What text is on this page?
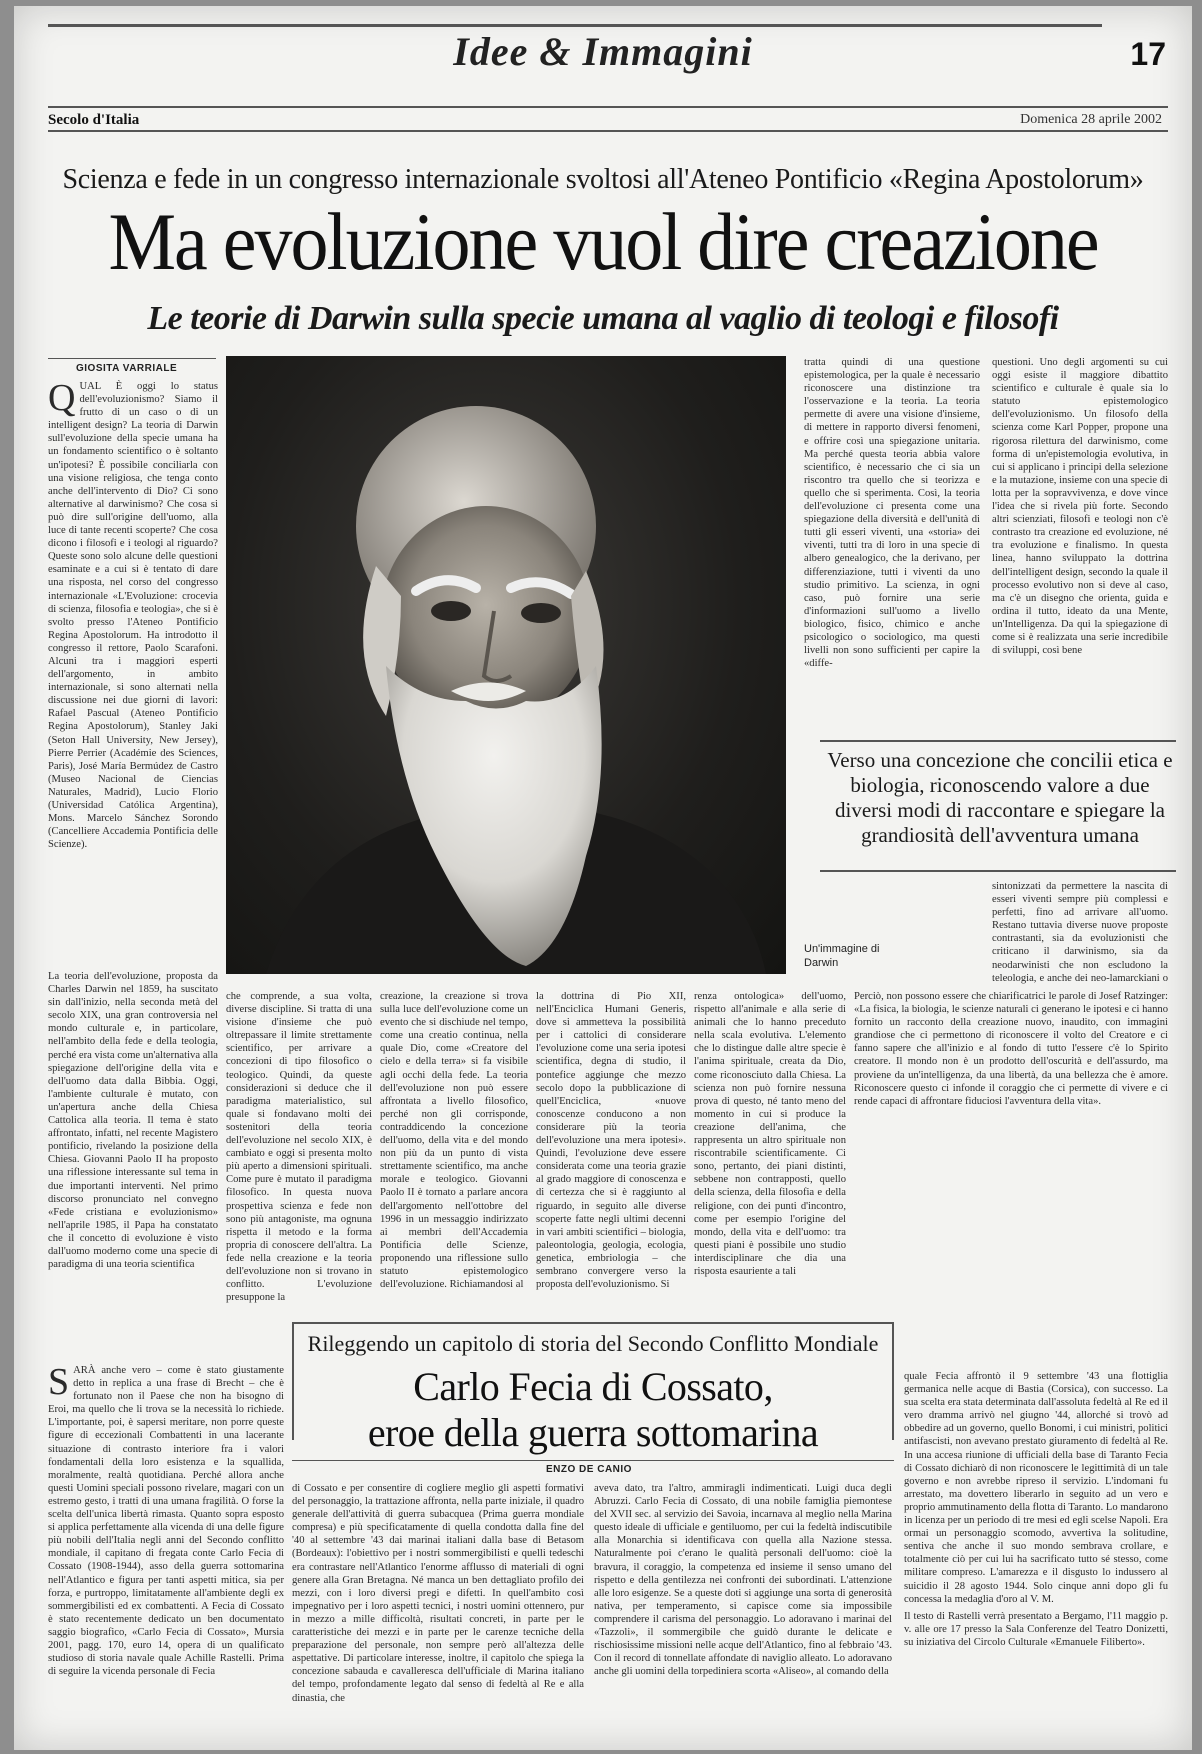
Idee & Immagini	17
Secolo d'Italia	Domenica 28 aprile 2002
Scienza e fede in un congresso internazionale svoltosi all'Ateneo Pontificio «Regina Apostolorum»
Ma evoluzione vuol dire creazione
Le teorie di Darwin sulla specie umana al vaglio di teologi e filosofi
GIOSITA VARRIALE
Q UAL È oggi lo status dell'evoluzionismo? Siamo il frutto di un caso o di un intelligent design? La teoria di Darwin sull'evoluzione della specie umana ha un fondamento scientifico o è soltanto un'ipotesi? È possibile conciliarla con una visione religiosa, che tenga conto anche dell'intervento di Dio? Ci sono alternative al darwinismo? Che cosa si può dire sull'origine dell'uomo, alla luce di tante recenti scoperte? Che cosa dicono i filosofi e i teologi al riguardo? Queste sono solo alcune delle questioni esaminate e a cui si è tentato di dare una risposta, nel corso del congresso internazionale «L'Evoluzione: crocevia di scienza, filosofia e teologia», che si è svolto presso l'Ateneo Pontificio Regina Apostolorum. Ha introdotto il congresso il rettore, Paolo Scarafoni. Alcuni tra i maggiori esperti dell'argomento, in ambito internazionale, si sono alternati nella discussione nei due giorni di lavori: Rafael Pascual (Ateneo Pontificio Regina Apostolorum), Stanley Jaki (Seton Hall University, New Jersey), Pierre Perrier (Académie des Sciences, Paris), José María Bermúdez de Castro (Museo Nacional de Ciencias Naturales, Madrid), Lucio Florio (Universidad Católica Argentina), Mons. Marcelo Sánchez Sorondo (Cancelliere Accademia Pontificia delle Scienze).
La teoria dell'evoluzione, proposta da Charles Darwin nel 1859, ha suscitato sin dall'inizio, nella seconda metà del secolo XIX, una gran controversia nel mondo culturale e, in particolare, nell'ambito della fede e della teologia, perché era vista come un'alternativa alla spiegazione dell'origine della vita e dell'uomo data dalla Bibbia. Oggi, l'ambiente culturale è mutato, con un'apertura anche della Chiesa Cattolica alla teoria. Il tema è stato affrontato, infatti, nel recente Magistero pontificio, rivelando la posizione della Chiesa. Giovanni Paolo II ha proposto una riflessione interessante sul tema in due importanti interventi. Nel primo discorso pronunciato nel convegno «Fede cristiana e evoluzionismo» nell'aprile 1985, il Papa ha constatato che il concetto di evoluzione è visto dall'uomo moderno come una specie di paradigma di una teoria scientifica
che comprende, a sua volta, diverse discipline. Si tratta di una visione d'insieme che può oltrepassare il limite strettamente scientifico, per arrivare a concezioni di tipo filosofico o teologico. Quindi, da queste considerazioni si deduce che il paradigma materialistico, sul quale si fondavano molti dei sostenitori della teoria dell'evoluzione nel secolo XIX, è cambiato e oggi si presenta molto più aperto a dimensioni spirituali. Come pure è mutato il paradigma filosofico. In questa nuova prospettiva scienza e fede non sono più antagoniste, ma ognuna rispetta il metodo e la forma propria di conoscere dell'altra. La fede nella creazione e la teoria dell'evoluzione non si trovano in conflitto. L'evoluzione presuppone la
creazione, la creazione si trova sulla luce dell'evoluzione come un evento che si dischiude nel tempo, come una creatio continua, nella quale Dio, come «Creatore del cielo e della terra» si fa visibile agli occhi della fede. La teoria dell'evoluzione non può essere affrontata a livello filosofico, perché non gli corrisponde, contraddicendo la concezione dell'uomo, della vita e del mondo non più da un punto di vista strettamente scientifico, ma anche morale e teologico. Giovanni Paolo II è tornato a parlare ancora dell'argomento nell'ottobre del 1996 in un messaggio indirizzato ai membri dell'Accademia Pontificia delle Scienze, proponendo una riflessione sullo statuto epistemologico dell'evoluzione. Richiamandosi al
la dottrina di Pio XII, nell'Enciclica Humani Generis, dove si ammetteva la possibilità per i cattolici di considerare l'evoluzione come una seria ipotesi scientifica, degna di studio, il pontefice aggiunge che mezzo secolo dopo la pubblicazione di quell'Enciclica, «nuove conoscenze conducono a non considerare più la teoria dell'evoluzione una mera ipotesi». Quindi, l'evoluzione deve essere considerata come una teoria grazie al grado maggiore di conoscenza e di certezza che si è raggiunto al riguardo, in seguito alle diverse scoperte fatte negli ultimi decenni in vari ambiti scientifici – biologia, paleontologia, geologia, ecologia, genetica, embriologia – che sembrano convergere verso la proposta dell'evoluzionismo. Si
renza ontologica» dell'uomo, rispetto all'animale e alla serie di animali che lo hanno preceduto nella scala evolutiva. L'elemento che lo distingue dalle altre specie è l'anima spirituale, creata da Dio, come riconosciuto dalla Chiesa. La scienza non può fornire nessuna prova di questo, né tanto meno del momento in cui si produce la creazione dell'anima, che rappresenta un altro spirituale non riscontrabile scientificamente. Ci sono, pertanto, dei piani distinti, sebbene non contrapposti, quello della scienza, della filosofia e della religione, con dei punti d'incontro, come per esempio l'origine del mondo, della vita e dell'uomo: tra questi piani è possibile uno studio interdisciplinare che dia una risposta esauriente a tali
tratta quindi di una questione epistemologica, per la quale è necessario riconoscere una distinzione tra l'osservazione e la teoria. La teoria permette di avere una visione d'insieme, di mettere in rapporto diversi fenomeni, e offrire così una spiegazione unitaria. Ma perché questa teoria abbia valore scientifico, è necessario che ci sia un riscontro tra quello che si teorizza e quello che si sperimenta. Così, la teoria dell'evoluzione ci presenta come una spiegazione della diversità e dell'unità di tutti gli esseri viventi, una «storia» dei viventi, tutti tra di loro in una specie di albero genealogico, che la derivano, per differenziazione, tutti i viventi da uno studio primitivo. La scienza, in ogni caso, può fornire una serie d'informazioni sull'uomo a livello biologico, fisico, chimico e anche psicologico o sociologico, ma questi livelli non sono sufficienti per capire la «diffe-
questioni. Uno degli argomenti su cui oggi esiste il maggiore dibattito scientifico e culturale è quale sia lo statuto epistemologico dell'evoluzionismo. Un filosofo della scienza come Karl Popper, propone una rigorosa rilettura del darwinismo, come forma di un'epistemologia evolutiva, in cui si applicano i principi della selezione e la mutazione, insieme con una specie di lotta per la sopravvivenza, e dove vince l'idea che si rivela più forte. Secondo altri scienziati, filosofi e teologi non c'è contrasto tra creazione ed evoluzione, né tra evoluzione e finalismo. In questa linea, hanno sviluppato la dottrina dell'intelligent design, secondo la quale il processo evolutivo non si deve al caso, ma c'è un disegno che orienta, guida e ordina il tutto, ideato da una Mente, un'Intelligenza. Da qui la spiegazione di come si è realizzata una serie incredibile di sviluppi, così bene
Verso una concezione che concilii etica e biologia, riconoscendo valore a due diversi modi di raccontare e spiegare la grandiosità dell'avventura umana
Un'immagine di Darwin
sintonizzati da permettere la nascita di esseri viventi sempre più complessi e perfetti, fino ad arrivare all'uomo. Restano tuttavia diverse nuove proposte contrastanti, sia da evoluzionisti che criticano il darwinismo, sia da neodarwinisti che non escludono la teleologia, e anche dei neo-lamarckiani o
Perciò, non possono essere che chiarificatrici le parole di Josef Ratzinger: «La fisica, la biologia, le scienze naturali ci generano le ipotesi e ci hanno fornito un racconto della creazione nuovo, inaudito, con immagini grandiose che ci permettono di riconoscere il volto del Creatore e ci fanno sapere che all'inizio e al fondo di tutto l'essere c'è lo Spirito creatore. Il mondo non è un prodotto dell'oscurità e dell'assurdo, ma proviene da un'intelligenza, da una libertà, da una bellezza che è amore. Riconoscere questo ci infonde il coraggio che ci permette di vivere e ci rende capaci di affrontare fiduciosi l'avventura della vita».
Rileggendo un capitolo di storia del Secondo Conflitto Mondiale
Carlo Fecia di Cossato,
eroe della guerra sottomarina
ENZO DE CANIO
S ARÀ anche vero – come è stato giustamente detto in replica a una frase di Brecht – che è fortunato non il Paese che non ha bisogno di Eroi, ma quello che li trova se la necessità lo richiede. L'importante, poi, è sapersi meritare, non porre queste figure di eccezionali Combattenti in una lacerante situazione di contrasto interiore fra i valori fondamentali della loro esistenza e la squallida, moralmente, realtà quotidiana. Perché allora anche questi Uomini speciali possono rivelare, magari con un estremo gesto, i tratti di una umana fragilità. O forse la scelta dell'unica libertà rimasta. Quanto sopra esposto si applica perfettamente alla vicenda di una delle figure più nobili dell'Italia negli anni del Secondo conflitto mondiale, il capitano di fregata conte Carlo Fecia di Cossato (1908-1944), asso della guerra sottomarina nell'Atlantico e figura per tanti aspetti mitica, sia per forza, e purtroppo, limitatamente all'ambiente degli ex sommergibilisti ed ex combattenti. A Fecia di Cossato è stato recentemente dedicato un ben documentato saggio biografico, «Carlo Fecia di Cossato», Mursia 2001, pagg. 170, euro 14, opera di un qualificato studioso di storia navale quale Achille Rastelli. Prima di seguire la vicenda personale di Fecia
di Cossato e per consentire di cogliere meglio gli aspetti formativi del personaggio, la trattazione affronta, nella parte iniziale, il quadro generale dell'attività di guerra subacquea (Prima guerra mondiale compresa) e più specificatamente di quella condotta dalla fine del '40 al settembre '43 dai marinai italiani dalla base di Betasom (Bordeaux): l'obiettivo per i nostri sommergibilisti e quelli tedeschi era contrastare nell'Atlantico l'enorme afflusso di materiali di ogni genere alla Gran Bretagna. Né manca un ben dettagliato profilo dei mezzi, con i loro diversi pregi e difetti. In quell'ambito così impegnativo per i loro aspetti tecnici, i nostri uomini ottennero, pur in mezzo a mille difficoltà, risultati concreti, in parte per le caratteristiche dei mezzi e in parte per le carenze tecniche della preparazione del personale, non sempre però all'altezza delle aspettative. Di particolare interesse, inoltre, il capitolo che spiega la concezione sabauda e cavalleresca dell'ufficiale di Marina italiano del tempo, profondamente legato dal senso di fedeltà al Re e alla dinastia, che
aveva dato, tra l'altro, ammiragli indimenticati. Luigi duca degli Abruzzi. Carlo Fecia di Cossato, di una nobile famiglia piemontese del XVII sec. al servizio dei Savoia, incarnava al meglio nella Marina questo ideale di ufficiale e gentiluomo, per cui la fedeltà indiscutibile alla Monarchia si identificava con quella alla Nazione stessa. Naturalmente poi c'erano le qualità personali dell'uomo: cioè la bravura, il coraggio, la competenza ed insieme il senso umano del rispetto e della gentilezza nei confronti dei subordinati. L'attenzione alle loro esigenze. Se a queste doti si aggiunge una sorta di generosità nativa, per temperamento, si capisce come sia impossibile comprendere il carisma del personaggio. Lo adoravano i marinai del «Tazzoli», il sommergibile che guidò durante le delicate e rischiosissime missioni nelle acque dell'Atlantico, fino al febbraio '43. Con il record di tonnellate affondate di naviglio alleato. Lo adoravano anche gli uomini della torpediniera scorta «Aliseo», al comando della
quale Fecia affrontò il 9 settembre '43 una flottiglia germanica nelle acque di Bastia (Corsica), con successo. La sua scelta era stata determinata dall'assoluta fedeltà al Re ed il vero dramma arrivò nel giugno '44, allorché si trovò ad obbedire ad un governo, quello Bonomi, i cui ministri, politici antifascisti, non avevano prestato giuramento di fedeltà al Re. In una accesa riunione di ufficiali della base di Taranto Fecia di Cossato dichiarò di non riconoscere le legittimità di un tale governo e non avrebbe ripreso il servizio. L'indomani fu arrestato, ma dovettero liberarlo in seguito ad un vero e proprio ammutinamento della flotta di Taranto. Lo mandarono in licenza per un periodo di tre mesi ed egli scelse Napoli. Era ormai un personaggio scomodo, avvertiva la solitudine, sentiva che anche il suo mondo sembrava crollare, e totalmente ciò per cui lui ha sacrificato tutto sé stesso, come militare compreso. L'amarezza e il disgusto lo indussero al suicidio il 28 agosto 1944. Solo cinque anni dopo gli fu concessa la medaglia d'oro al V. M.

Il testo di Rastelli verrà presentato a Bergamo, l'11 maggio p. v. alle ore 17 presso la Sala Conferenze del Teatro Donizetti, su iniziativa del Circolo Culturale «Emanuele Filiberto».
